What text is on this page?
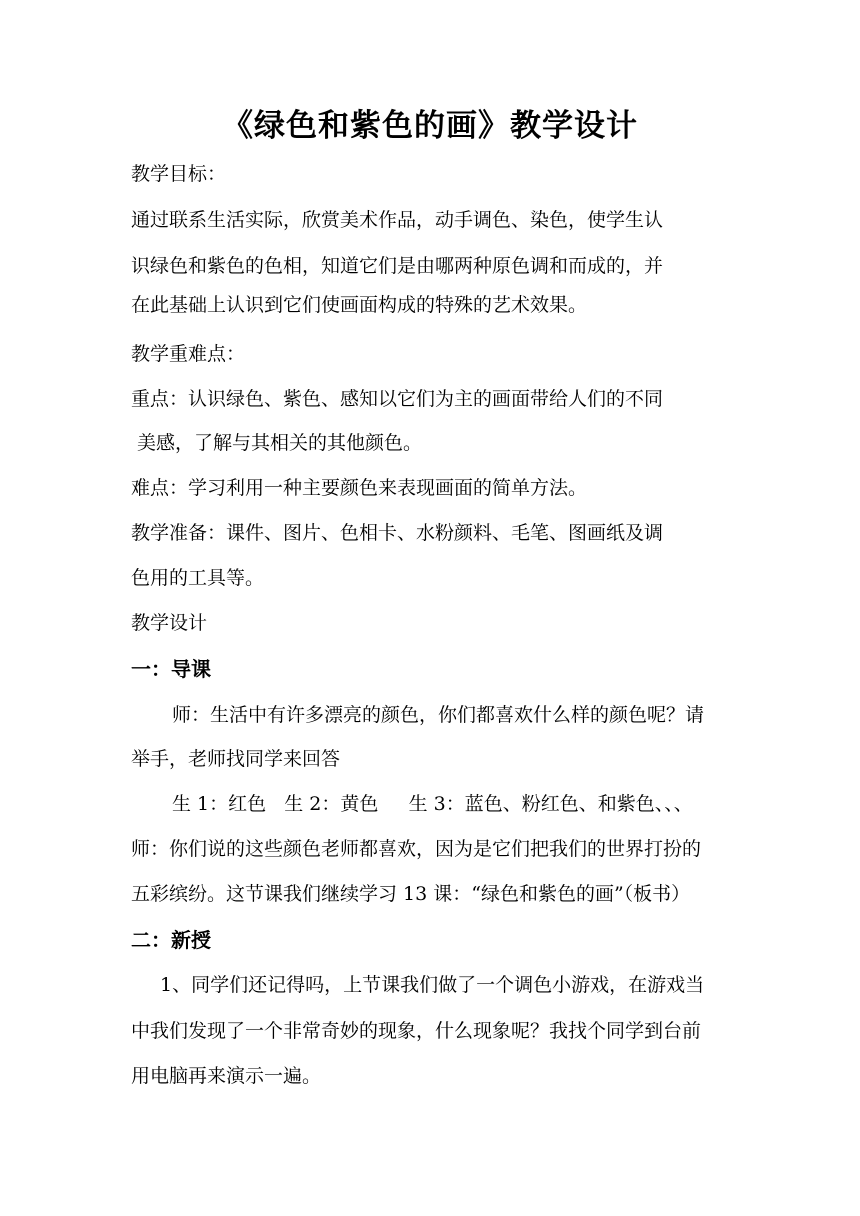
《绿色和紫色的画》教学设计
教学目标：
通过联系生活实际，欣赏美术作品，动手调色、染色，使学生认
识绿色和紫色的色相，知道它们是由哪两种原色调和而成的，并
在此基础上认识到它们使画面构成的特殊的艺术效果。
教学重难点：
重点：认识绿色、紫色、感知以它们为主的画面带给人们的不同
美感，了解与其相关的其他颜色。
难点：学习利用一种主要颜色来表现画面的简单方法。
教学准备：课件、图片、色相卡、水粉颜料、毛笔、图画纸及调
色用的工具等。
教学设计
一：导课
师：生活中有许多漂亮的颜色，你们都喜欢什么样的颜色呢？请
举手，老师找同学来回答
生 1：红色   生 2：黄色     生 3：蓝色、粉红色、和紫色、、、
师：你们说的这些颜色老师都喜欢，因为是它们把我们的世界打扮的
五彩缤纷。这节课我们继续学习 13 课：“绿色和紫色的画”（板书）
二：新授
1、同学们还记得吗，上节课我们做了一个调色小游戏，在游戏当
中我们发现了一个非常奇妙的现象，什么现象呢？我找个同学到台前
用电脑再来演示一遍。
